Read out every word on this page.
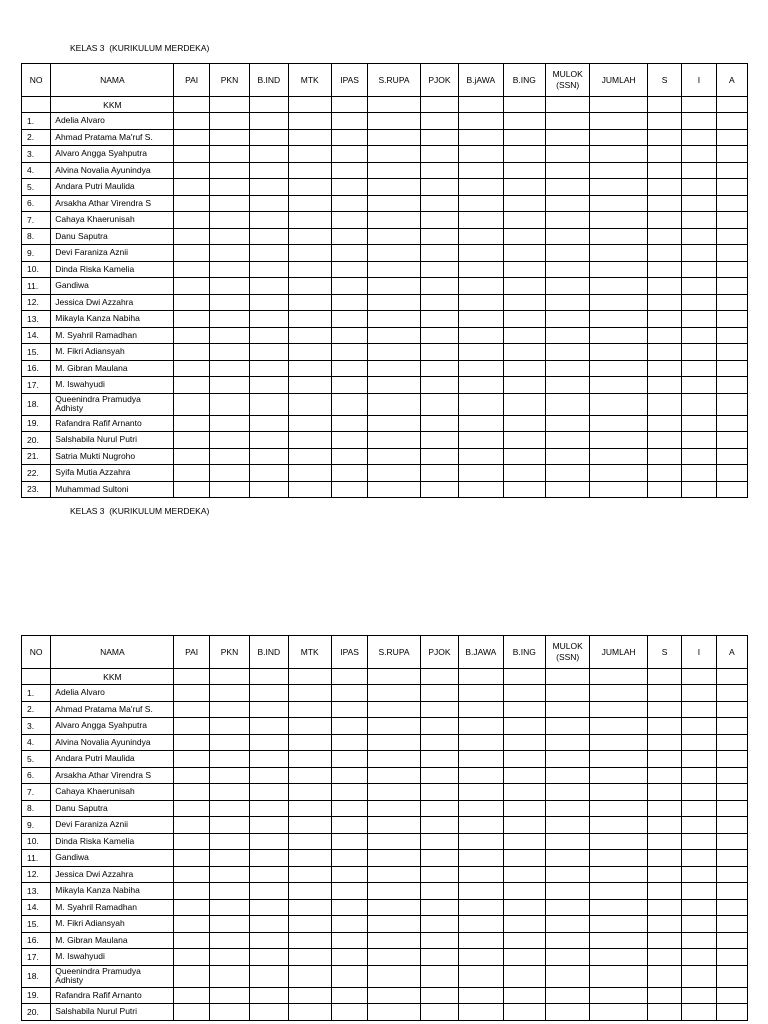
KELAS 3  (KURIKULUM MERDEKA)
NO	NAMA	PAI	PKN	B.IND	MTK	IPAS	S.RUPA	PJOK	B.jAWA	B.ING	MULOK (SSN)	JUMLAH	S	I	A
	KKM														
1.	Adelia Alvaro														

2.	Ahmad Pratama Ma'ruf S.														

3.	Alvaro Angga Syahputra														

4.	Alvina Novalia Ayunindya														

5.	Andara Putri Maulida														

6.	Arsakha Athar Virendra S														

7.	Cahaya Khaerunisah														

8.	Danu Saputra														

9.	Devi Faraniza Aznii														

10.	Dinda Riska Kamelia														

11.	Gandiwa														

12.	Jessica Dwi Azzahra														

13.	Mikayla Kanza Nabiha														

14.	M. Syahril Ramadhan														

15.	M. Fikri Adiansyah														

16.	M. Gibran Maulana														

17.	M. Iswahyudi														

18.	Queenindra Pramudya
Adhisty														

19.	Rafandra Rafif Arnanto														

20.	Salshabila Nurul Putri														

21.	Satria Mukti Nugroho														

22.	Syifa Mutia Azzahra														

23.	Muhammad Sultoni														

KELAS 3  (KURIKULUM MERDEKA)
NO	NAMA	PAI	PKN	B.IND	MTK	IPAS	S.RUPA	PJOK	B.JAWA	B.ING	MULOK (SSN)	JUMLAH	S	I	A
	KKM														
1.	Adelia Alvaro														

2.	Ahmad Pratama Ma'ruf S.														

3.	Alvaro Angga Syahputra														

4.	Alvina Novalia Ayunindya														

5.	Andara Putri Maulida														

6.	Arsakha Athar Virendra S														

7.	Cahaya Khaerunisah														

8.	Danu Saputra														

9.	Devi Faraniza Aznii														

10.	Dinda Riska Kamelia														

11.	Gandiwa														

12.	Jessica Dwi Azzahra														

13.	Mikayla Kanza Nabiha														

14.	M. Syahril Ramadhan														

15.	M. Fikri Adiansyah														

16.	M. Gibran Maulana														

17.	M. Iswahyudi														

18.	Queenindra Pramudya
Adhisty														

19.	Rafandra Rafif Arnanto														

20.	Salshabila Nurul Putri														
